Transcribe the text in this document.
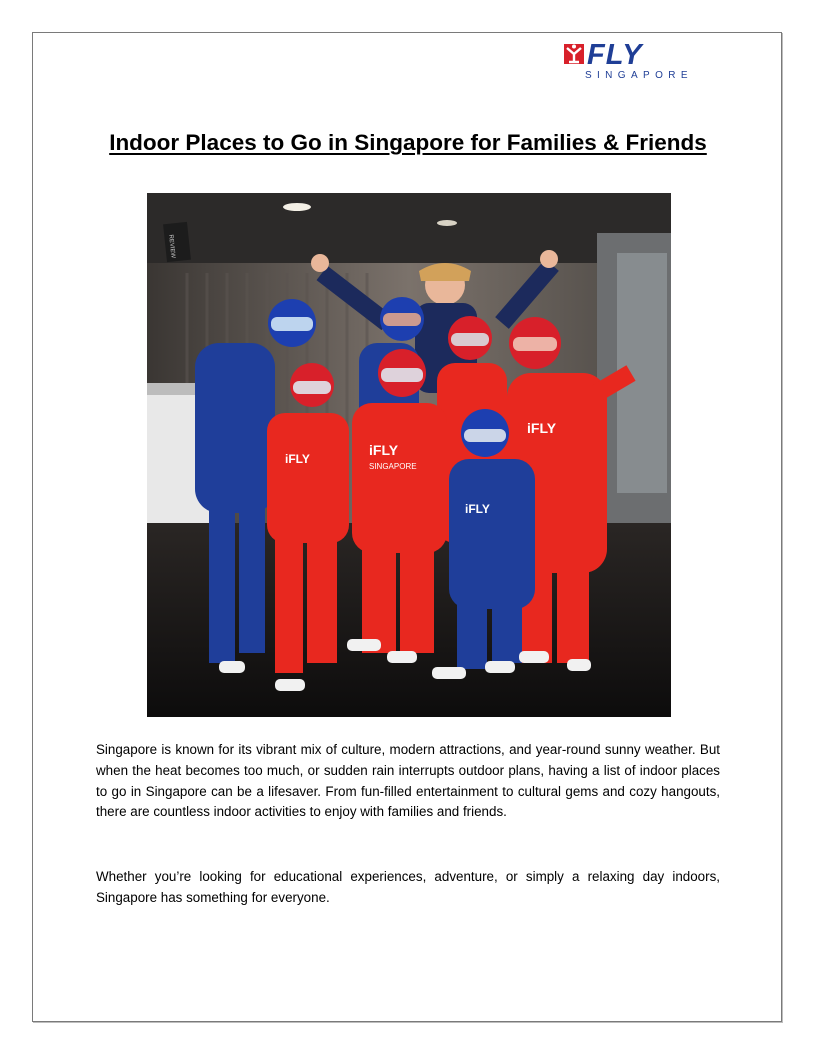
FLY
SINGAPORE
Indoor Places to Go in Singapore for Families & Friends
REVIEW
iFLY
iFLY
iFLY
SINGAPORE
iFLY

Singapore is known for its vibrant mix of culture, modern attractions, and year-round sunny weather. But when the heat becomes too much, or sudden rain interrupts outdoor plans, having a list of indoor places to go in Singapore can be a lifesaver. From fun-filled entertainment to cultural gems and cozy hangouts, there are countless indoor activities to enjoy with families and friends.

Whether you’re looking for educational experiences, adventure, or simply a relaxing day indoors, Singapore has something for everyone.
